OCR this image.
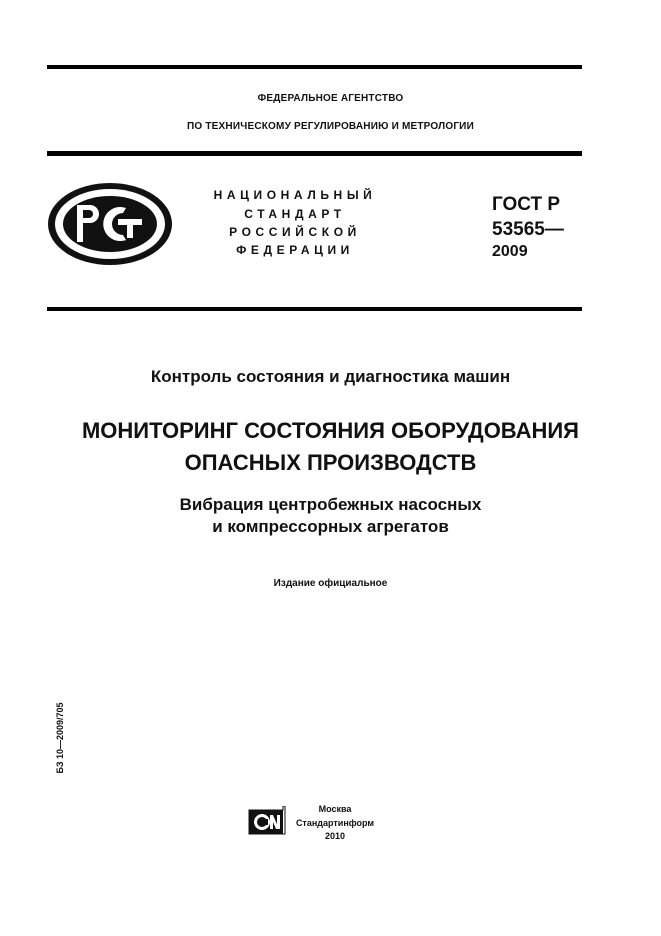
ФЕДЕРАЛЬНОЕ АГЕНТСТВО
ПО ТЕХНИЧЕСКОМУ РЕГУЛИРОВАНИЮ И МЕТРОЛОГИИ
НАЦИОНАЛЬНЫЙ
СТАНДАРТ
РОССИЙСКОЙ
ФЕДЕРАЦИИ
ГОСТ Р
53565—
2009
Контроль состояния и диагностика машин
МОНИТОРИНГ СОСТОЯНИЯ ОБОРУДОВАНИЯ
ОПАСНЫХ ПРОИЗВОДСТВ
Вибрация центробежных насосных
и компрессорных агрегатов
Издание официальное
БЗ 10—2009/705
Москва
Стандартинформ
2010
